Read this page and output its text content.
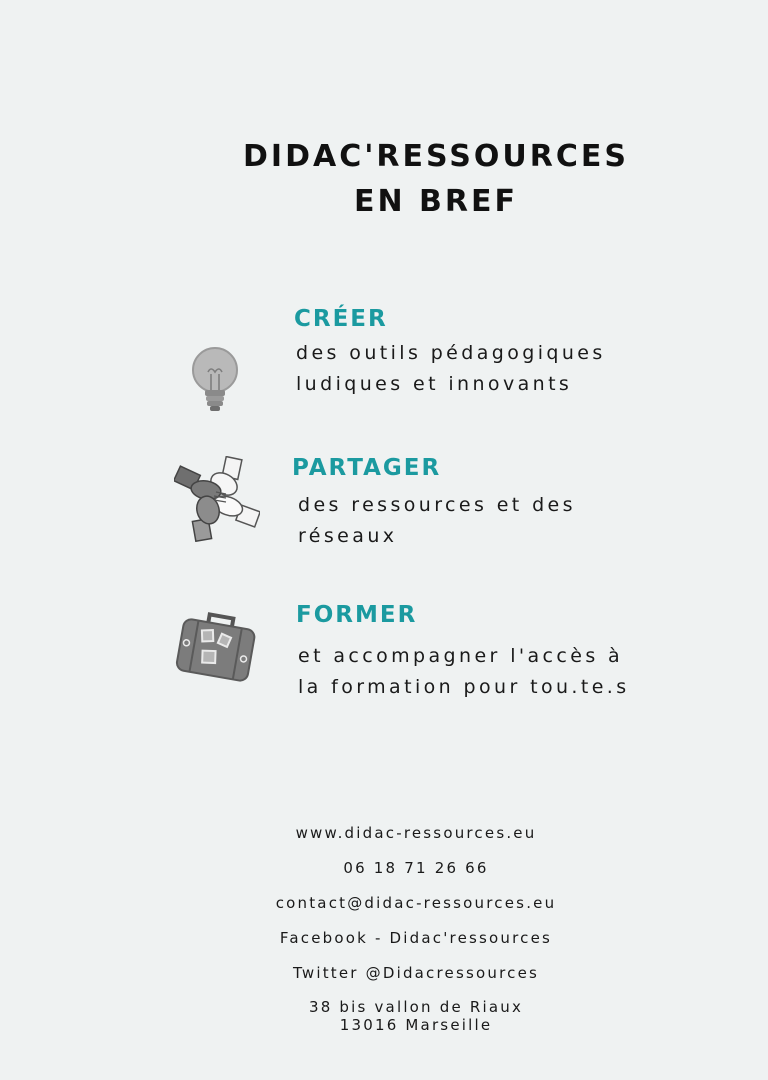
DIDAC'RESSOURCES
EN BREF
CRÉER

des outils pédagogiques

ludiques et innovants

PARTAGER

des ressources et des

réseaux

FORMER

et accompagner l'accès à

la formation pour tou.te.s

www.didac-ressources.eu

06 18 71 26 66

contact@didac-ressources.eu

Facebook - Didac'ressources

Twitter @Didacressources

38 bis vallon de Riaux

13016 Marseille
